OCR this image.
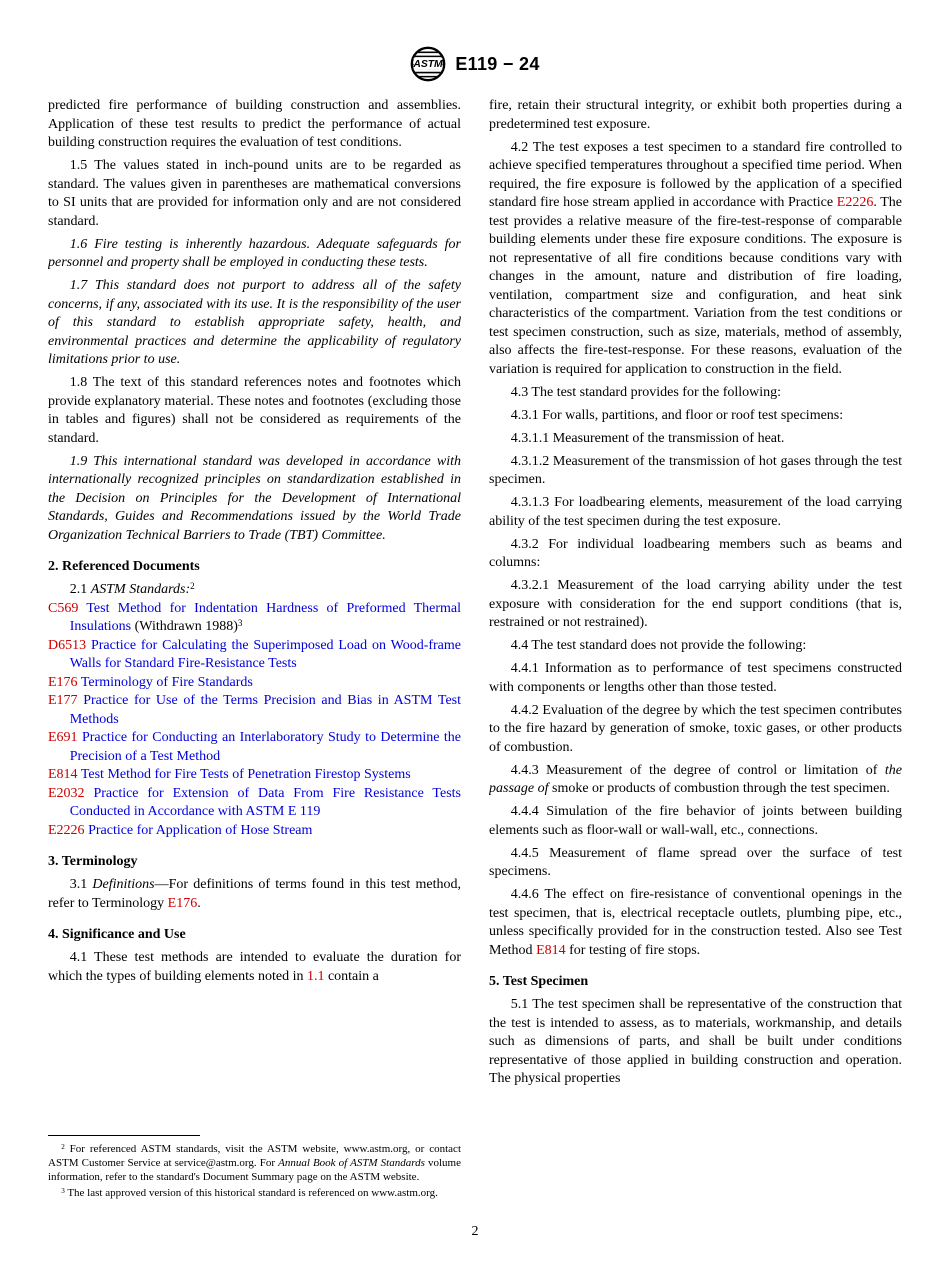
ASTM E119 − 24
predicted fire performance of building construction and assemblies. Application of these test results to predict the performance of actual building construction requires the evaluation of test conditions.
1.5 The values stated in inch-pound units are to be regarded as standard. The values given in parentheses are mathematical conversions to SI units that are provided for information only and are not considered standard.
1.6 Fire testing is inherently hazardous. Adequate safeguards for personnel and property shall be employed in conducting these tests.
1.7 This standard does not purport to address all of the safety concerns, if any, associated with its use. It is the responsibility of the user of this standard to establish appropriate safety, health, and environmental practices and determine the applicability of regulatory limitations prior to use.
1.8 The text of this standard references notes and footnotes which provide explanatory material. These notes and footnotes (excluding those in tables and figures) shall not be considered as requirements of the standard.
1.9 This international standard was developed in accordance with internationally recognized principles on standardization established in the Decision on Principles for the Development of International Standards, Guides and Recommendations issued by the World Trade Organization Technical Barriers to Trade (TBT) Committee.
2. Referenced Documents
2.1 ASTM Standards:$^2$
C569 Test Method for Indentation Hardness of Preformed Thermal Insulations (Withdrawn 1988)$^3$
D6513 Practice for Calculating the Superimposed Load on Wood-frame Walls for Standard Fire-Resistance Tests
E176 Terminology of Fire Standards
E177 Practice for Use of the Terms Precision and Bias in ASTM Test Methods
E691 Practice for Conducting an Interlaboratory Study to Determine the Precision of a Test Method
E814 Test Method for Fire Tests of Penetration Firestop Systems
E2032 Practice for Extension of Data From Fire Resistance Tests Conducted in Accordance with ASTM E 119
E2226 Practice for Application of Hose Stream
3. Terminology
3.1 Definitions—For definitions of terms found in this test method, refer to Terminology E176.
4. Significance and Use
4.1 These test methods are intended to evaluate the duration for which the types of building elements noted in 1.1 contain a
$^2$ For referenced ASTM standards, visit the ASTM website, www.astm.org, or contact ASTM Customer Service at service@astm.org. For Annual Book of ASTM Standards volume information, refer to the standard's Document Summary page on the ASTM website.
$^3$ The last approved version of this historical standard is referenced on www.astm.org.
fire, retain their structural integrity, or exhibit both properties during a predetermined test exposure.
4.2 The test exposes a test specimen to a standard fire controlled to achieve specified temperatures throughout a specified time period. When required, the fire exposure is followed by the application of a specified standard fire hose stream applied in accordance with Practice E2226. The test provides a relative measure of the fire-test-response of comparable building elements under these fire exposure conditions. The exposure is not representative of all fire conditions because conditions vary with changes in the amount, nature and distribution of fire loading, ventilation, compartment size and configuration, and heat sink characteristics of the compartment. Variation from the test conditions or test specimen construction, such as size, materials, method of assembly, also affects the fire-test-response. For these reasons, evaluation of the variation is required for application to construction in the field.
4.3 The test standard provides for the following:
4.3.1 For walls, partitions, and floor or roof test specimens:
4.3.1.1 Measurement of the transmission of heat.
4.3.1.2 Measurement of the transmission of hot gases through the test specimen.
4.3.1.3 For loadbearing elements, measurement of the load carrying ability of the test specimen during the test exposure.
4.3.2 For individual loadbearing members such as beams and columns:
4.3.2.1 Measurement of the load carrying ability under the test exposure with consideration for the end support conditions (that is, restrained or not restrained).
4.4 The test standard does not provide the following:
4.4.1 Information as to performance of test specimens constructed with components or lengths other than those tested.
4.4.2 Evaluation of the degree by which the test specimen contributes to the fire hazard by generation of smoke, toxic gases, or other products of combustion.
4.4.3 Measurement of the degree of control or limitation of the passage of smoke or products of combustion through the test specimen.
4.4.4 Simulation of the fire behavior of joints between building elements such as floor-wall or wall-wall, etc., connections.
4.4.5 Measurement of flame spread over the surface of test specimens.
4.4.6 The effect on fire-resistance of conventional openings in the test specimen, that is, electrical receptacle outlets, plumbing pipe, etc., unless specifically provided for in the construction tested. Also see Test Method E814 for testing of fire stops.
5. Test Specimen
5.1 The test specimen shall be representative of the construction that the test is intended to assess, as to materials, workmanship, and details such as dimensions of parts, and shall be built under conditions representative of those applied in building construction and operation. The physical properties
2
